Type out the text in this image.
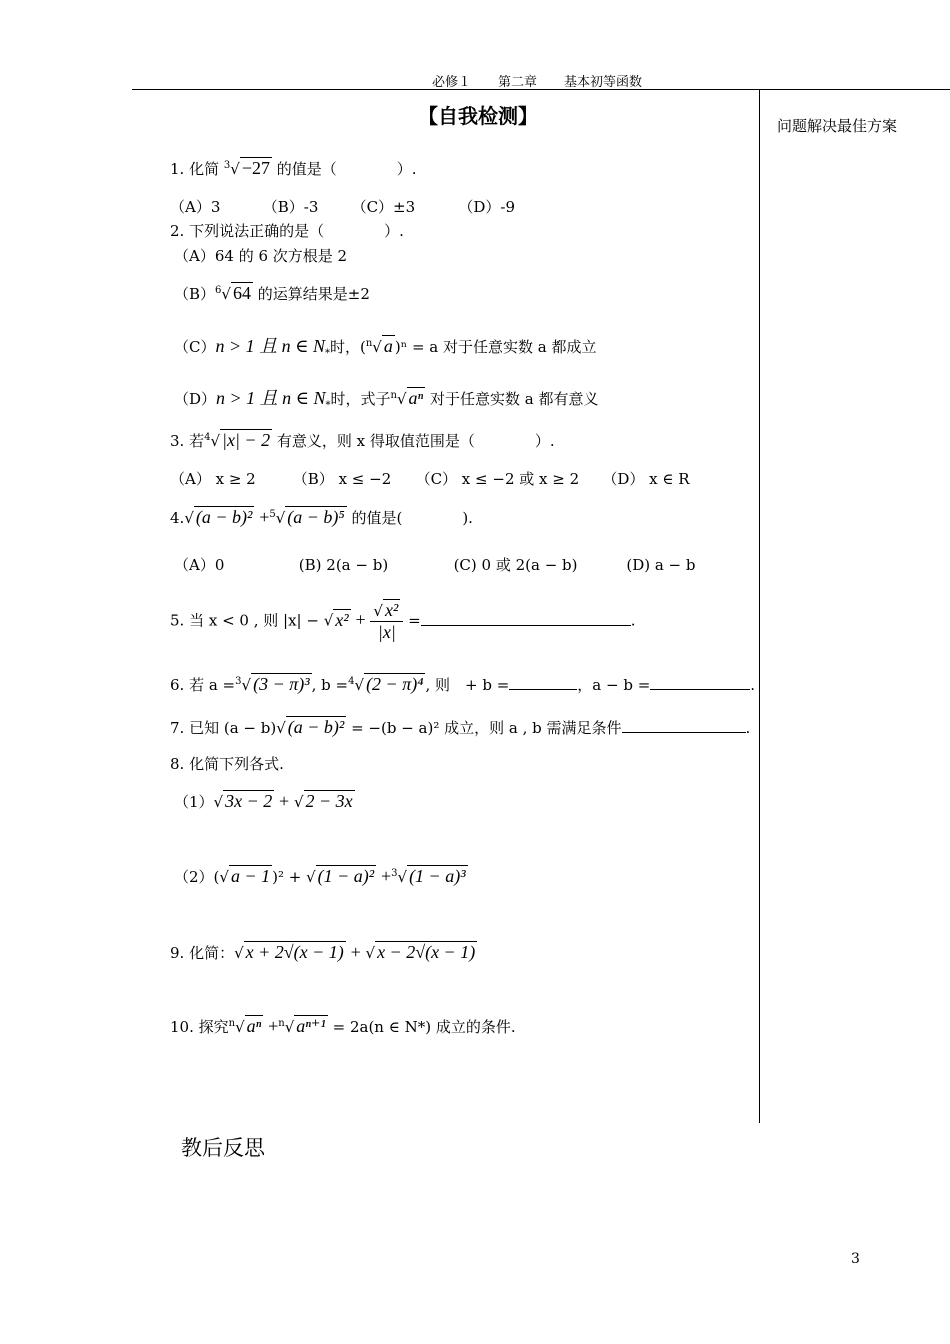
必修１ 第二章 基本初等函数
【自我检测】	问题解决最佳方案
1. 化简 $^3$√ −27 的值是（　　　　）.
（A）3	（B）-3 （C）±3	（D）-9
2. 下列说法正确的是（　　　　）.
（A）64 的 6 次方根是 2
$(B)^6√$ 64 的运算结果是±2
（C）n > 1 且 n ∈ $N_*$时，($^n$√ a )ⁿ = a 对于任意实数 a 都成立
（D）n > 1 且 n ∈ $N_*$时，式子$^n$√ aⁿ 对于任意实数 a 都有意义
3. 若$^4$√ |x| − 2 有意义，则 x 得取值范围是（　　　　）.
（A） x ≥ 2 （B） x ≤ −2 （C） x ≤ −2 或 x ≥ 2 （D） x ∈ R
4.√ (a − b)² +$^5$√ (a − b)⁵ 的值是(　　　　).
（A）0	(B) 2(a − b)	(C) 0 或 2(a − b)	(D) a − b
5. 当 x < 0 , 则 |x| − √ $x^2 + \frac{\text{√ x²}}{|x|}$ =	.
6. 若 a =$^3$√ (3 − π)³ , b =$^4$√ (2 − π)⁴ , 则　+ b =	，a − b =	.
7. 已知 (a − b)√ (a − b)² = −(b − a)² 成立，则 a , b 需满足条件	.
8. 化简下列各式.
（1）√ 3x − 2 + √ 2 − 3x
（2）(√ a − 1 )² + √ (1 − a)² +$^3$√ (1 − a)³
9. 化简：√ x + 2√(x − 1) + √ x − 2√(x − 1)
10. 探究$^n$√ aⁿ +$^n$√ aⁿ⁺¹ = 2a(n ∈ N*) 成立的条件.
教后反思
3
